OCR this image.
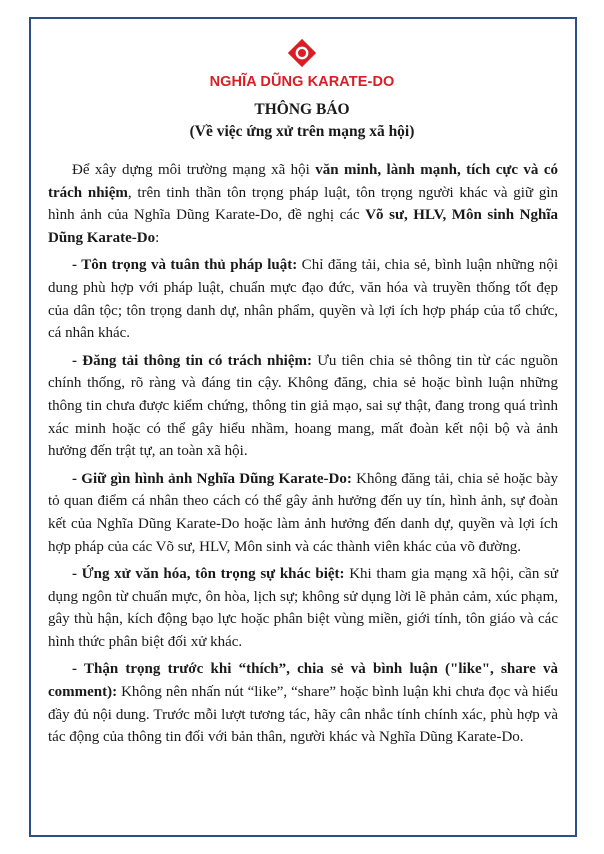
NGHĨA DŨNG KARATE-DO
THÔNG BÁO
(Về việc ứng xử trên mạng xã hội)

Để xây dựng môi trường mạng xã hội văn minh, lành mạnh, tích cực và có trách nhiệm, trên tinh thần tôn trọng pháp luật, tôn trọng người khác và giữ gìn hình ảnh của Nghĩa Dũng Karate-Do, đề nghị các Võ sư, HLV, Môn sinh Nghĩa Dũng Karate-Do:

- Tôn trọng và tuân thủ pháp luật: Chỉ đăng tải, chia sẻ, bình luận những nội dung phù hợp với pháp luật, chuẩn mực đạo đức, văn hóa và truyền thống tốt đẹp của dân tộc; tôn trọng danh dự, nhân phẩm, quyền và lợi ích hợp pháp của tổ chức, cá nhân khác.

- Đăng tải thông tin có trách nhiệm: Ưu tiên chia sẻ thông tin từ các nguồn chính thống, rõ ràng và đáng tin cậy. Không đăng, chia sẻ hoặc bình luận những thông tin chưa được kiểm chứng, thông tin giả mạo, sai sự thật, đang trong quá trình xác minh hoặc có thể gây hiểu nhầm, hoang mang, mất đoàn kết nội bộ và ảnh hưởng đến trật tự, an toàn xã hội.

- Giữ gìn hình ảnh Nghĩa Dũng Karate-Do: Không đăng tải, chia sẻ hoặc bày tỏ quan điểm cá nhân theo cách có thể gây ảnh hưởng đến uy tín, hình ảnh, sự đoàn kết của Nghĩa Dũng Karate-Do hoặc làm ảnh hưởng đến danh dự, quyền và lợi ích hợp pháp của các Võ sư, HLV, Môn sinh và các thành viên khác của võ đường.

- Ứng xử văn hóa, tôn trọng sự khác biệt: Khi tham gia mạng xã hội, cần sử dụng ngôn từ chuẩn mực, ôn hòa, lịch sự; không sử dụng lời lẽ phản cảm, xúc phạm, gây thù hận, kích động bạo lực hoặc phân biệt vùng miền, giới tính, tôn giáo và các hình thức phân biệt đối xử khác.

- Thận trọng trước khi “thích”, chia sẻ và bình luận ("like", share và comment): Không nên nhấn nút “like”, “share” hoặc bình luận khi chưa đọc và hiểu đầy đủ nội dung. Trước mỗi lượt tương tác, hãy cân nhắc tính chính xác, phù hợp và tác động của thông tin đối với bản thân, người khác và Nghĩa Dũng Karate-Do.
